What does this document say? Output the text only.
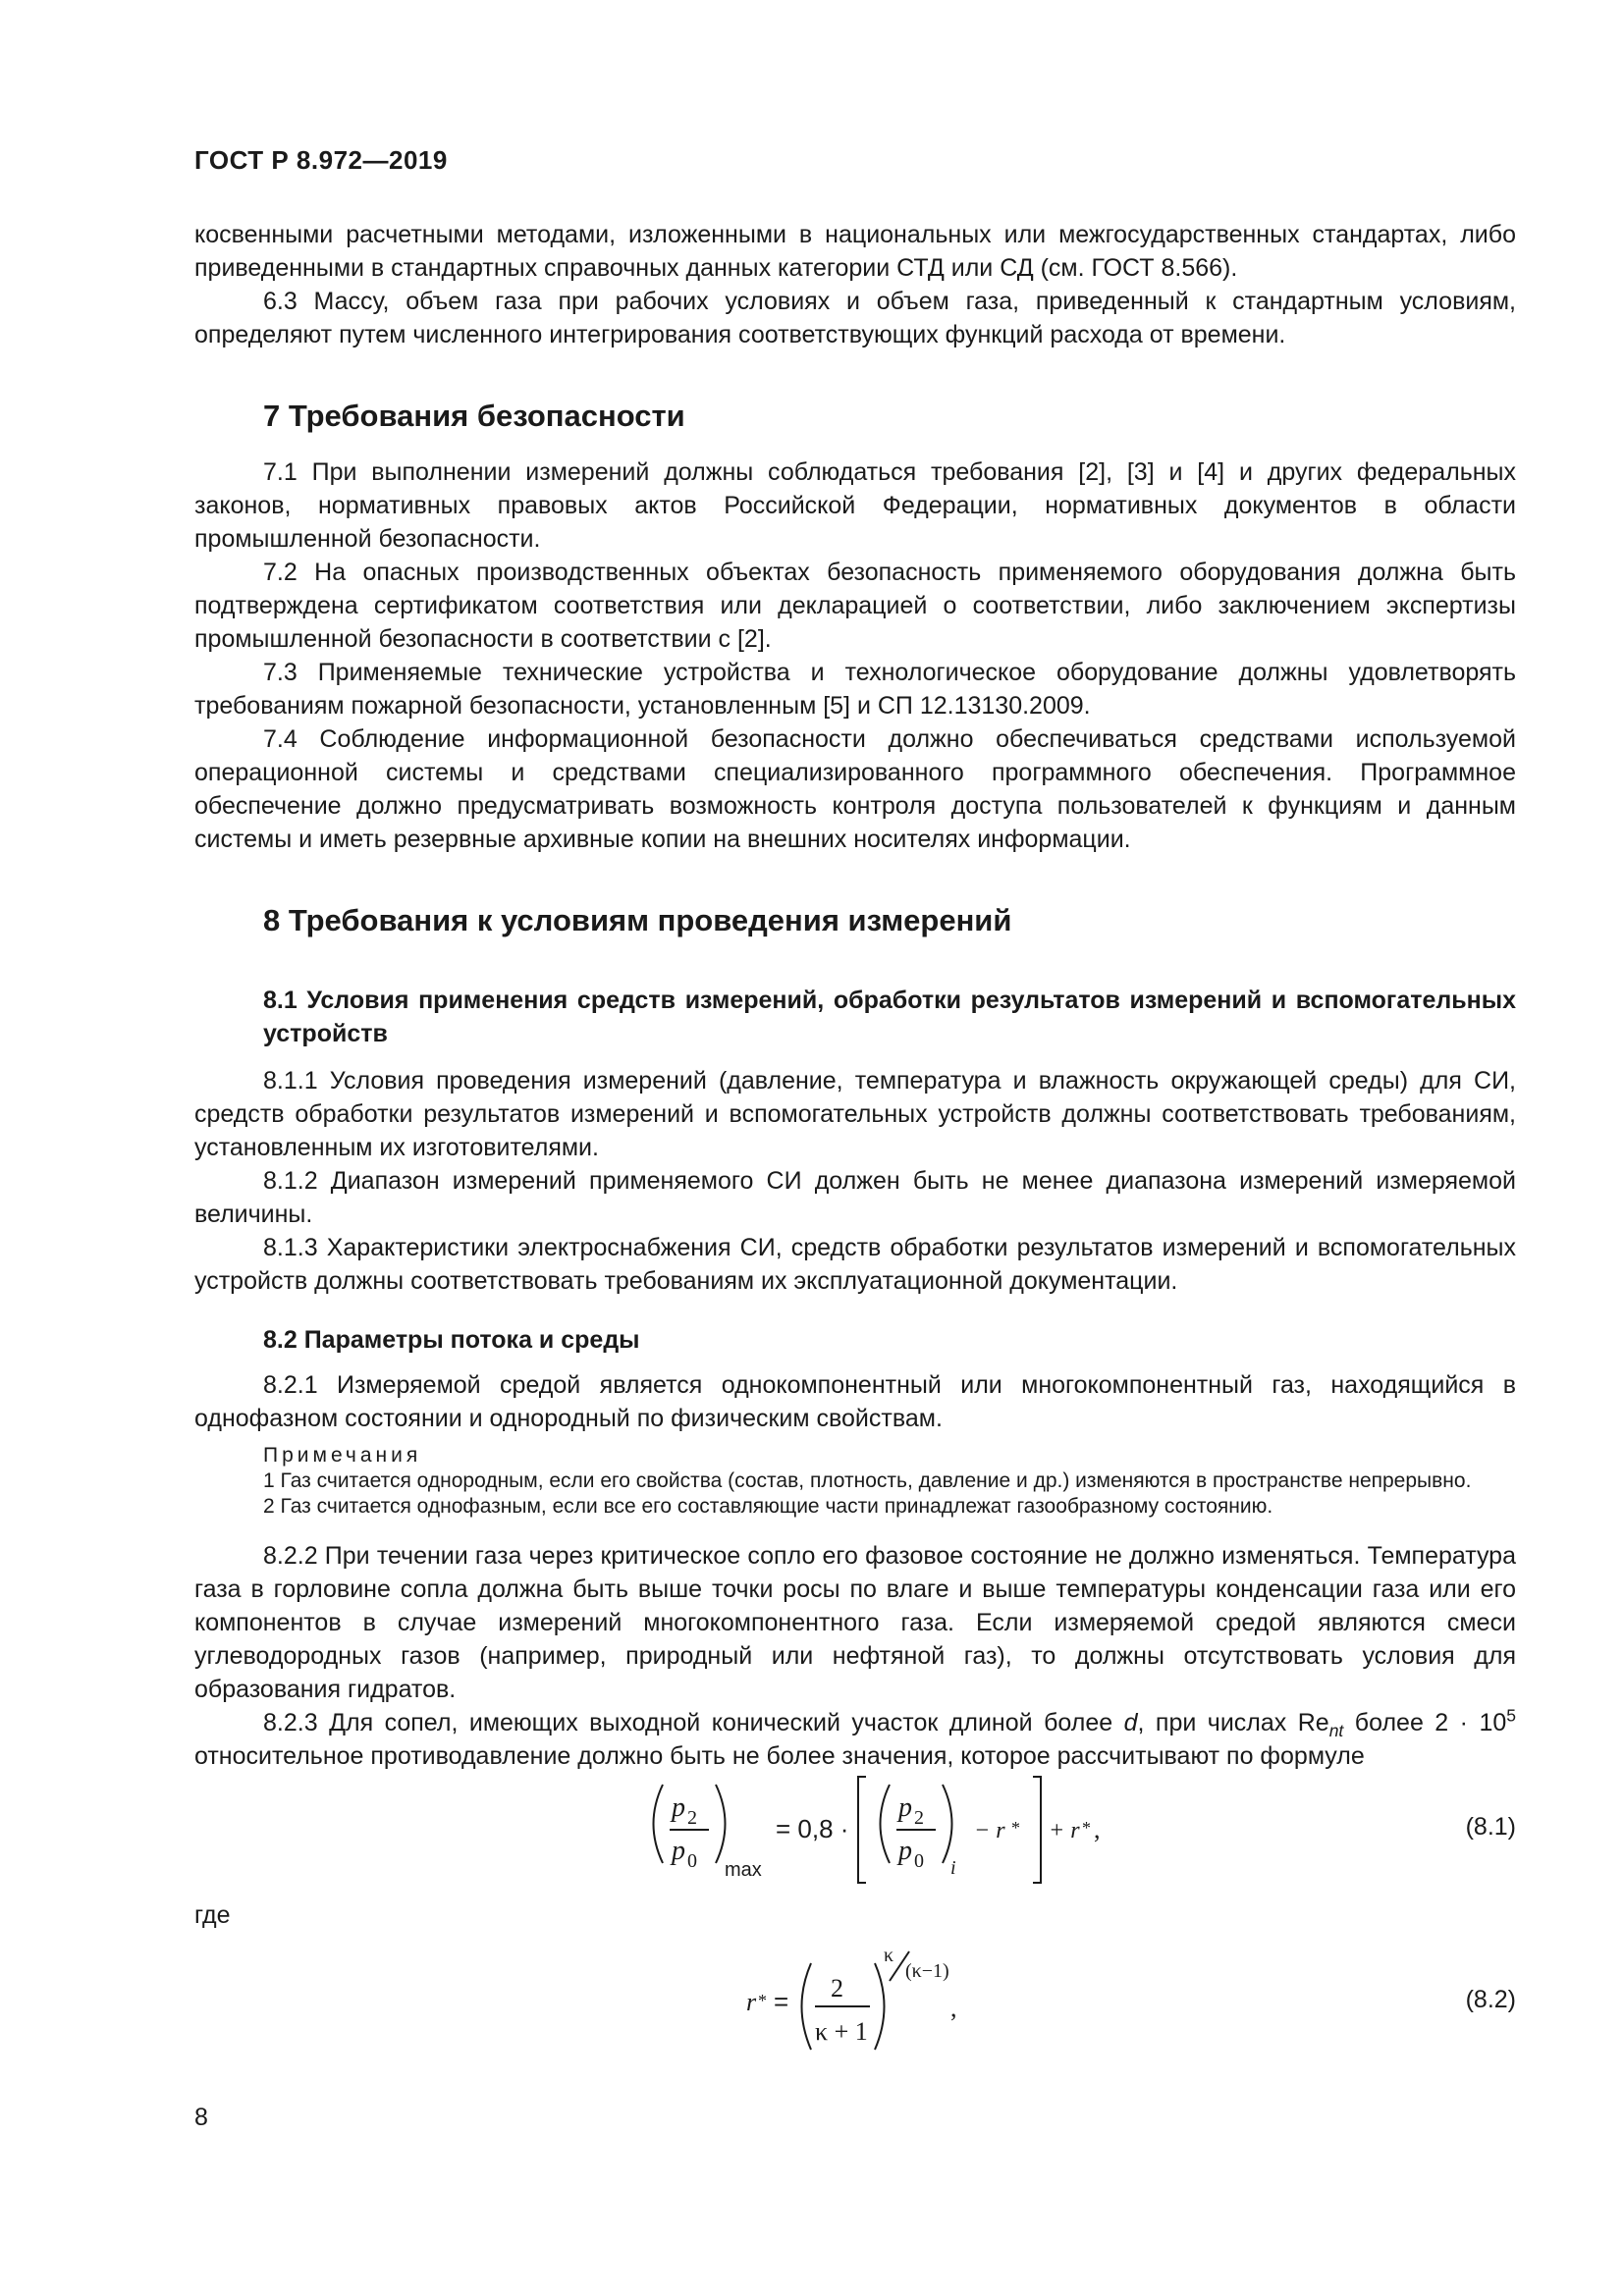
ГОСТ Р 8.972—2019

косвенными расчетными методами, изложенными в национальных или межгосударственных стандартах, либо приведенными в стандартных справочных данных категории СТД или СД (см. ГОСТ 8.566).

6.3 Массу, объем газа при рабочих условиях и объем газа, приведенный к стандартным условиям, определяют путем численного интегрирования соответствующих функций расхода от времени.

7 Требования безопасности

7.1 При выполнении измерений должны соблюдаться требования [2], [3] и [4] и других федеральных законов, нормативных правовых актов Российской Федерации, нормативных документов в области промышленной безопасности.

7.2 На опасных производственных объектах безопасность применяемого оборудования должна быть подтверждена сертификатом соответствия или декларацией о соответствии, либо заключением экспертизы промышленной безопасности в соответствии с [2].

7.3 Применяемые технические устройства и технологическое оборудование должны удовлетворять требованиям пожарной безопасности, установленным [5] и СП 12.13130.2009.

7.4 Соблюдение информационной безопасности должно обеспечиваться средствами используемой операционной системы и средствами специализированного программного обеспечения. Программное обеспечение должно предусматривать возможность контроля доступа пользователей к функциям и данным системы и иметь резервные архивные копии на внешних носителях информации.

8 Требования к условиям проведения измерений

8.1 Условия применения средств измерений, обработки результатов измерений и вспомогательных устройств

8.1.1 Условия проведения измерений (давление, температура и влажность окружающей среды) для СИ, средств обработки результатов измерений и вспомогательных устройств должны соответствовать требованиям, установленным их изготовителями.

8.1.2 Диапазон измерений применяемого СИ должен быть не менее диапазона измерений измеряемой величины.

8.1.3 Характеристики электроснабжения СИ, средств обработки результатов измерений и вспомогательных устройств должны соответствовать требованиям их эксплуатационной документации.

8.2 Параметры потока и среды

8.2.1 Измеряемой средой является однокомпонентный или многокомпонентный газ, находящийся в однофазном состоянии и однородный по физическим свойствам.

Примечания

1 Газ считается однородным, если его свойства (состав, плотность, давление и др.) изменяются в пространстве непрерывно.

2 Газ считается однофазным, если все его составляющие части принадлежат газообразному состоянию.

8.2.2 При течении газа через критическое сопло его фазовое состояние не должно изменяться. Температура газа в горловине сопла должна быть выше точки росы по влаге и выше температуры конденсации газа или его компонентов в случае измерений многокомпонентного газа. Если измеряемой средой являются смеси углеводородных газов (например, природный или нефтяной газ), то должны отсутствовать условия для образования гидратов.

8.2.3 Для сопел, имеющих выходной конический участок длиной более d, при числах $Re_{nt}$ более $2 \cdot 10^5$ относительное противодавление должно быть не более значения, которое рассчитывают по формуле

p 2
p 0 max
= 0,8 ·
p 2
p 0 i
− r * + r * ,	(8.1)
где
r * = 2
κ + 1
κ
(κ−1)
,	(8.2)
8
